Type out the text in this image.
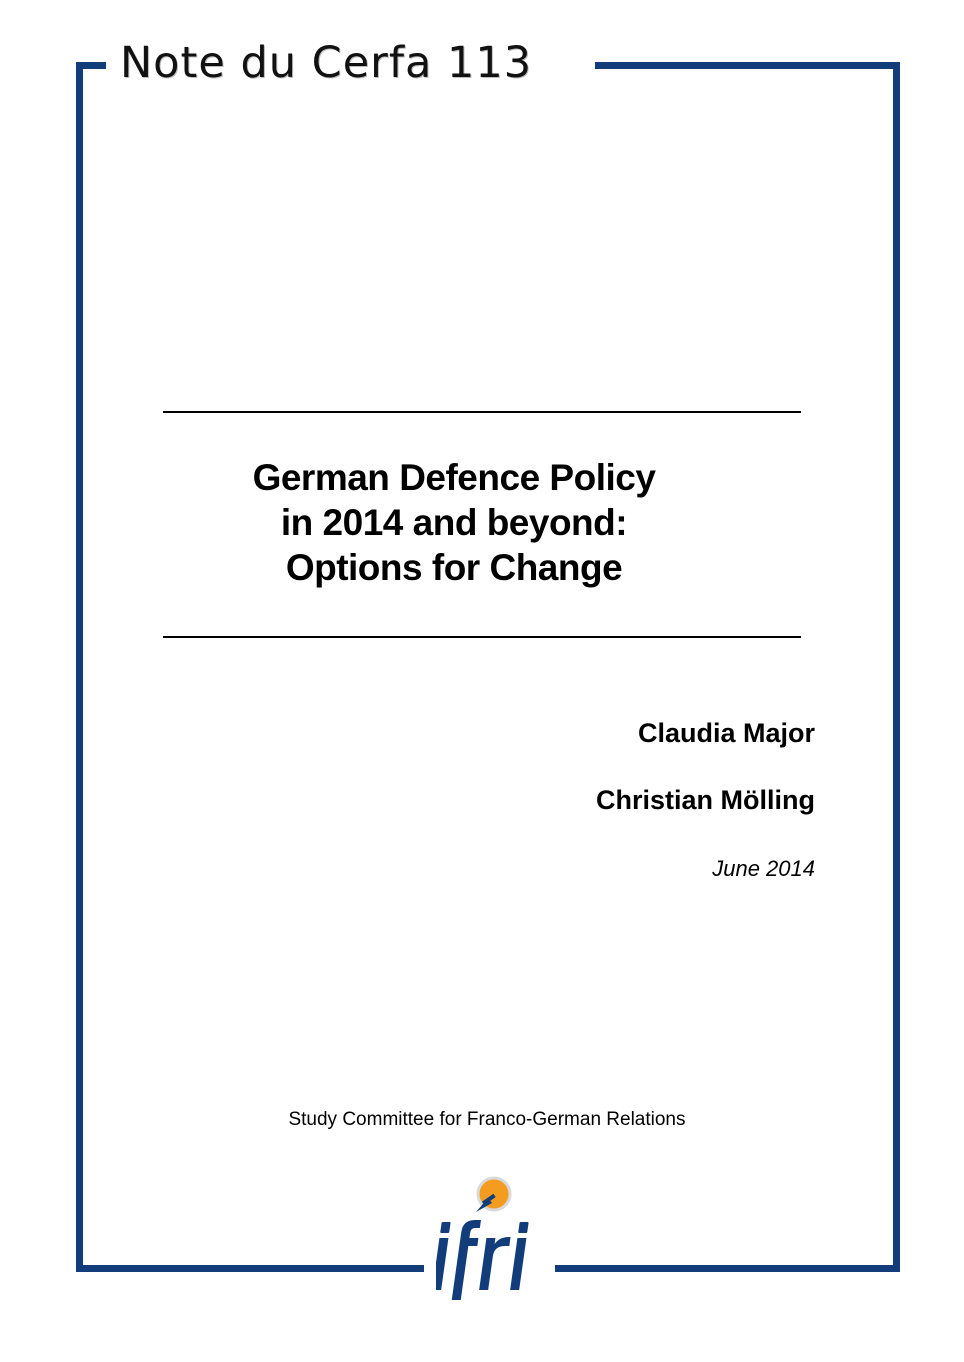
Note du Cerfa 113
German Defence Policy
in 2014 and beyond:
Options for Change
Claudia Major
Christian Mölling
June 2014
Study Committee for Franco-German Relations
